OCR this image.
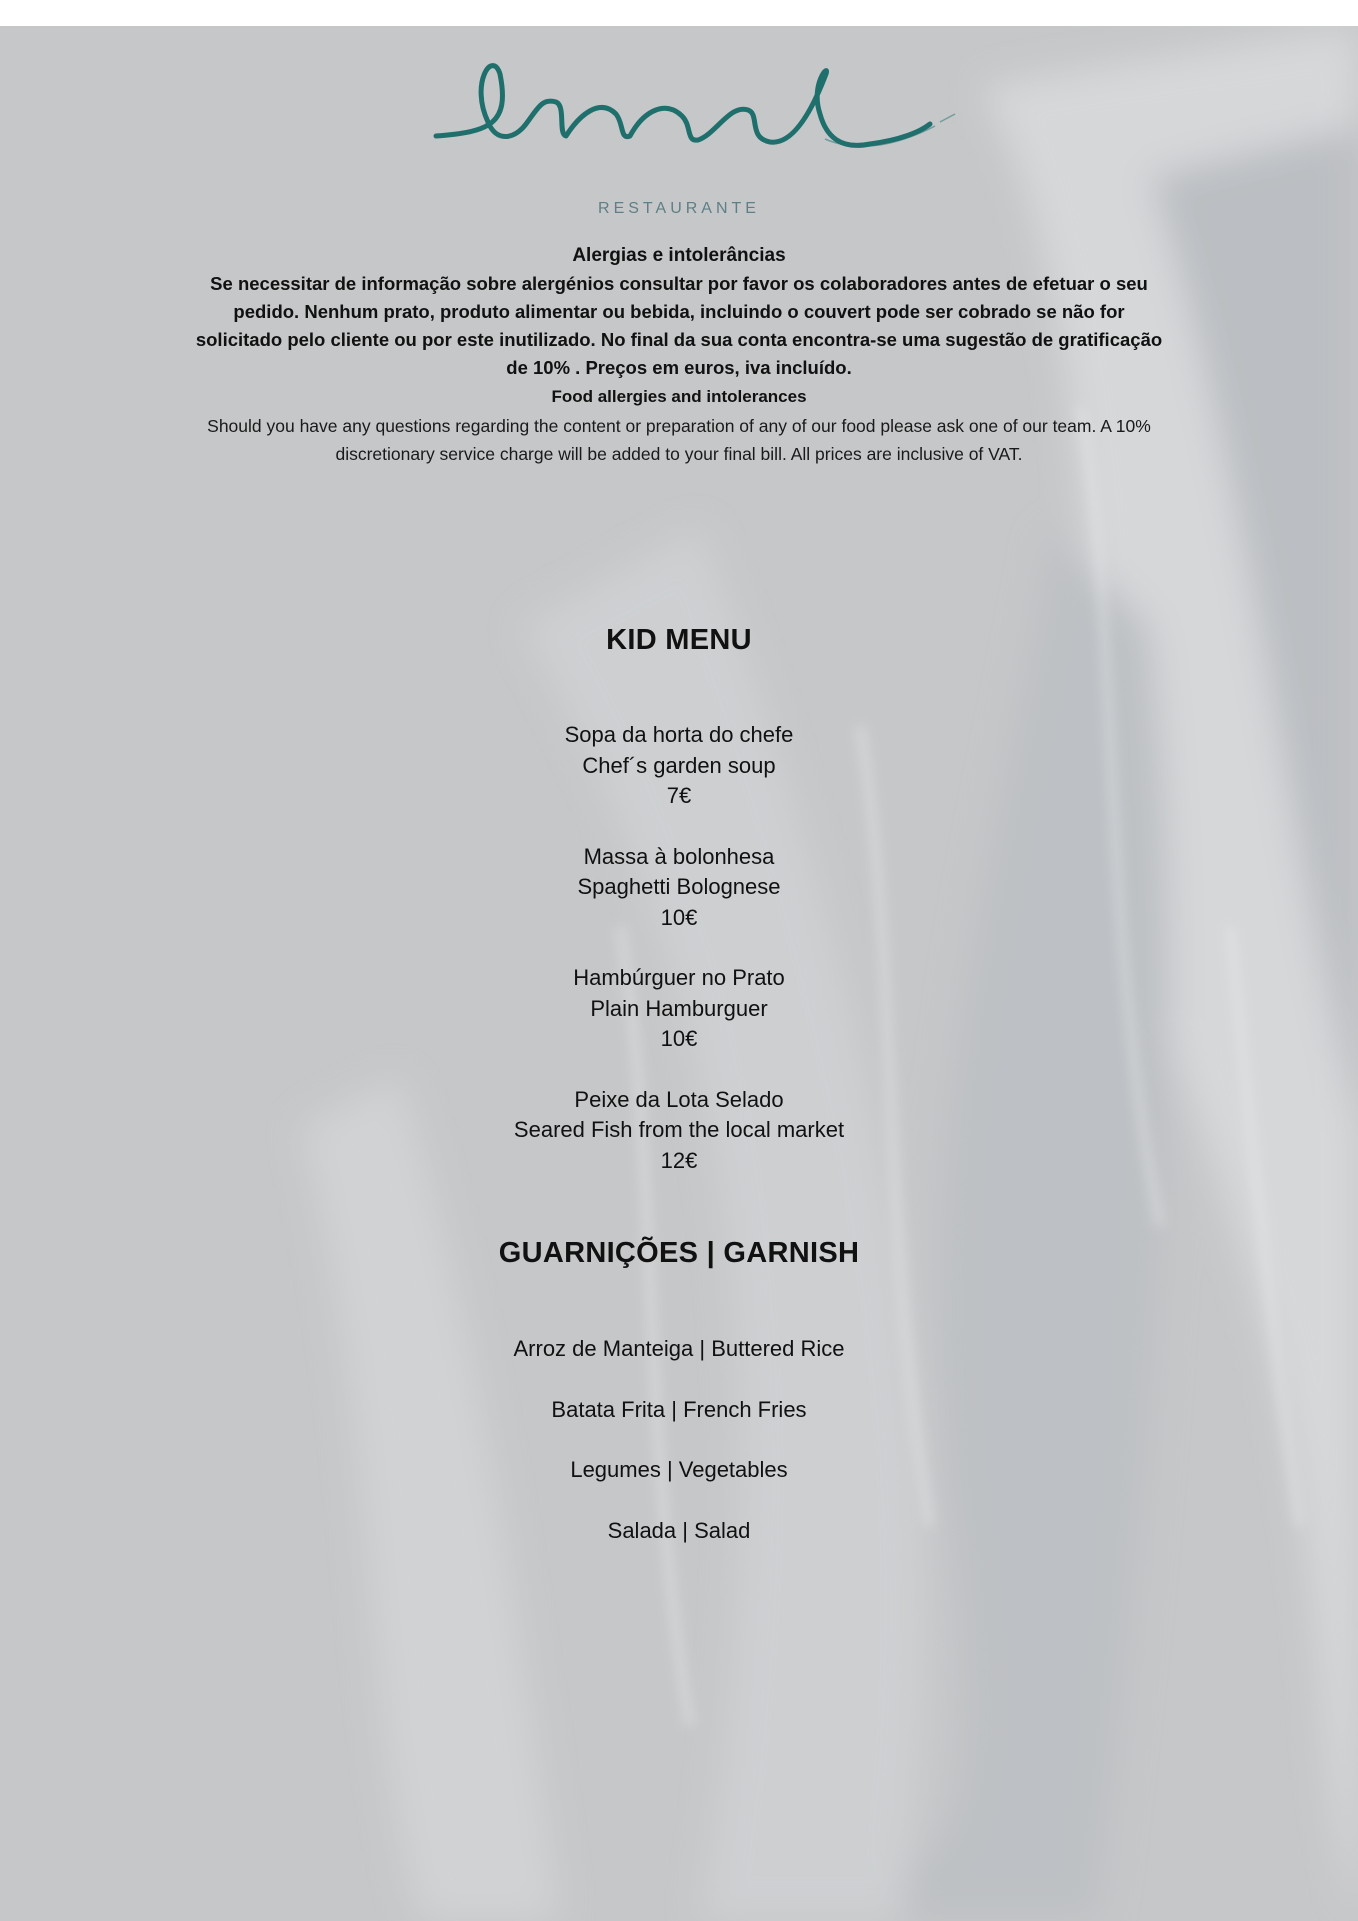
RESTAURANTE
Alergias e intolerâncias
Se necessitar de informação sobre alergénios consultar por favor os colaboradores antes de efetuar o seu pedido. Nenhum prato, produto alimentar ou bebida, incluindo o couvert pode ser cobrado se não for solicitado pelo cliente ou por este inutilizado. No final da sua conta encontra-se uma sugestão de gratificação de 10% . Preços em euros, iva incluído.
Food allergies and intolerances
Should you have any questions regarding the content or preparation of any of our food please ask one of our team. A 10% discretionary service charge will be added to your final bill. All prices are inclusive of VAT.
KID MENU
Sopa da horta do chefe
Chef´s garden soup
7€
Massa à bolonhesa
Spaghetti Bolognese
10€
Hambúrguer no Prato
Plain Hamburguer
10€
Peixe da Lota Selado
Seared Fish from the local market
12€
GUARNIÇÕES | GARNISH
Arroz de Manteiga | Buttered Rice
Batata Frita | French Fries
Legumes | Vegetables
Salada | Salad
